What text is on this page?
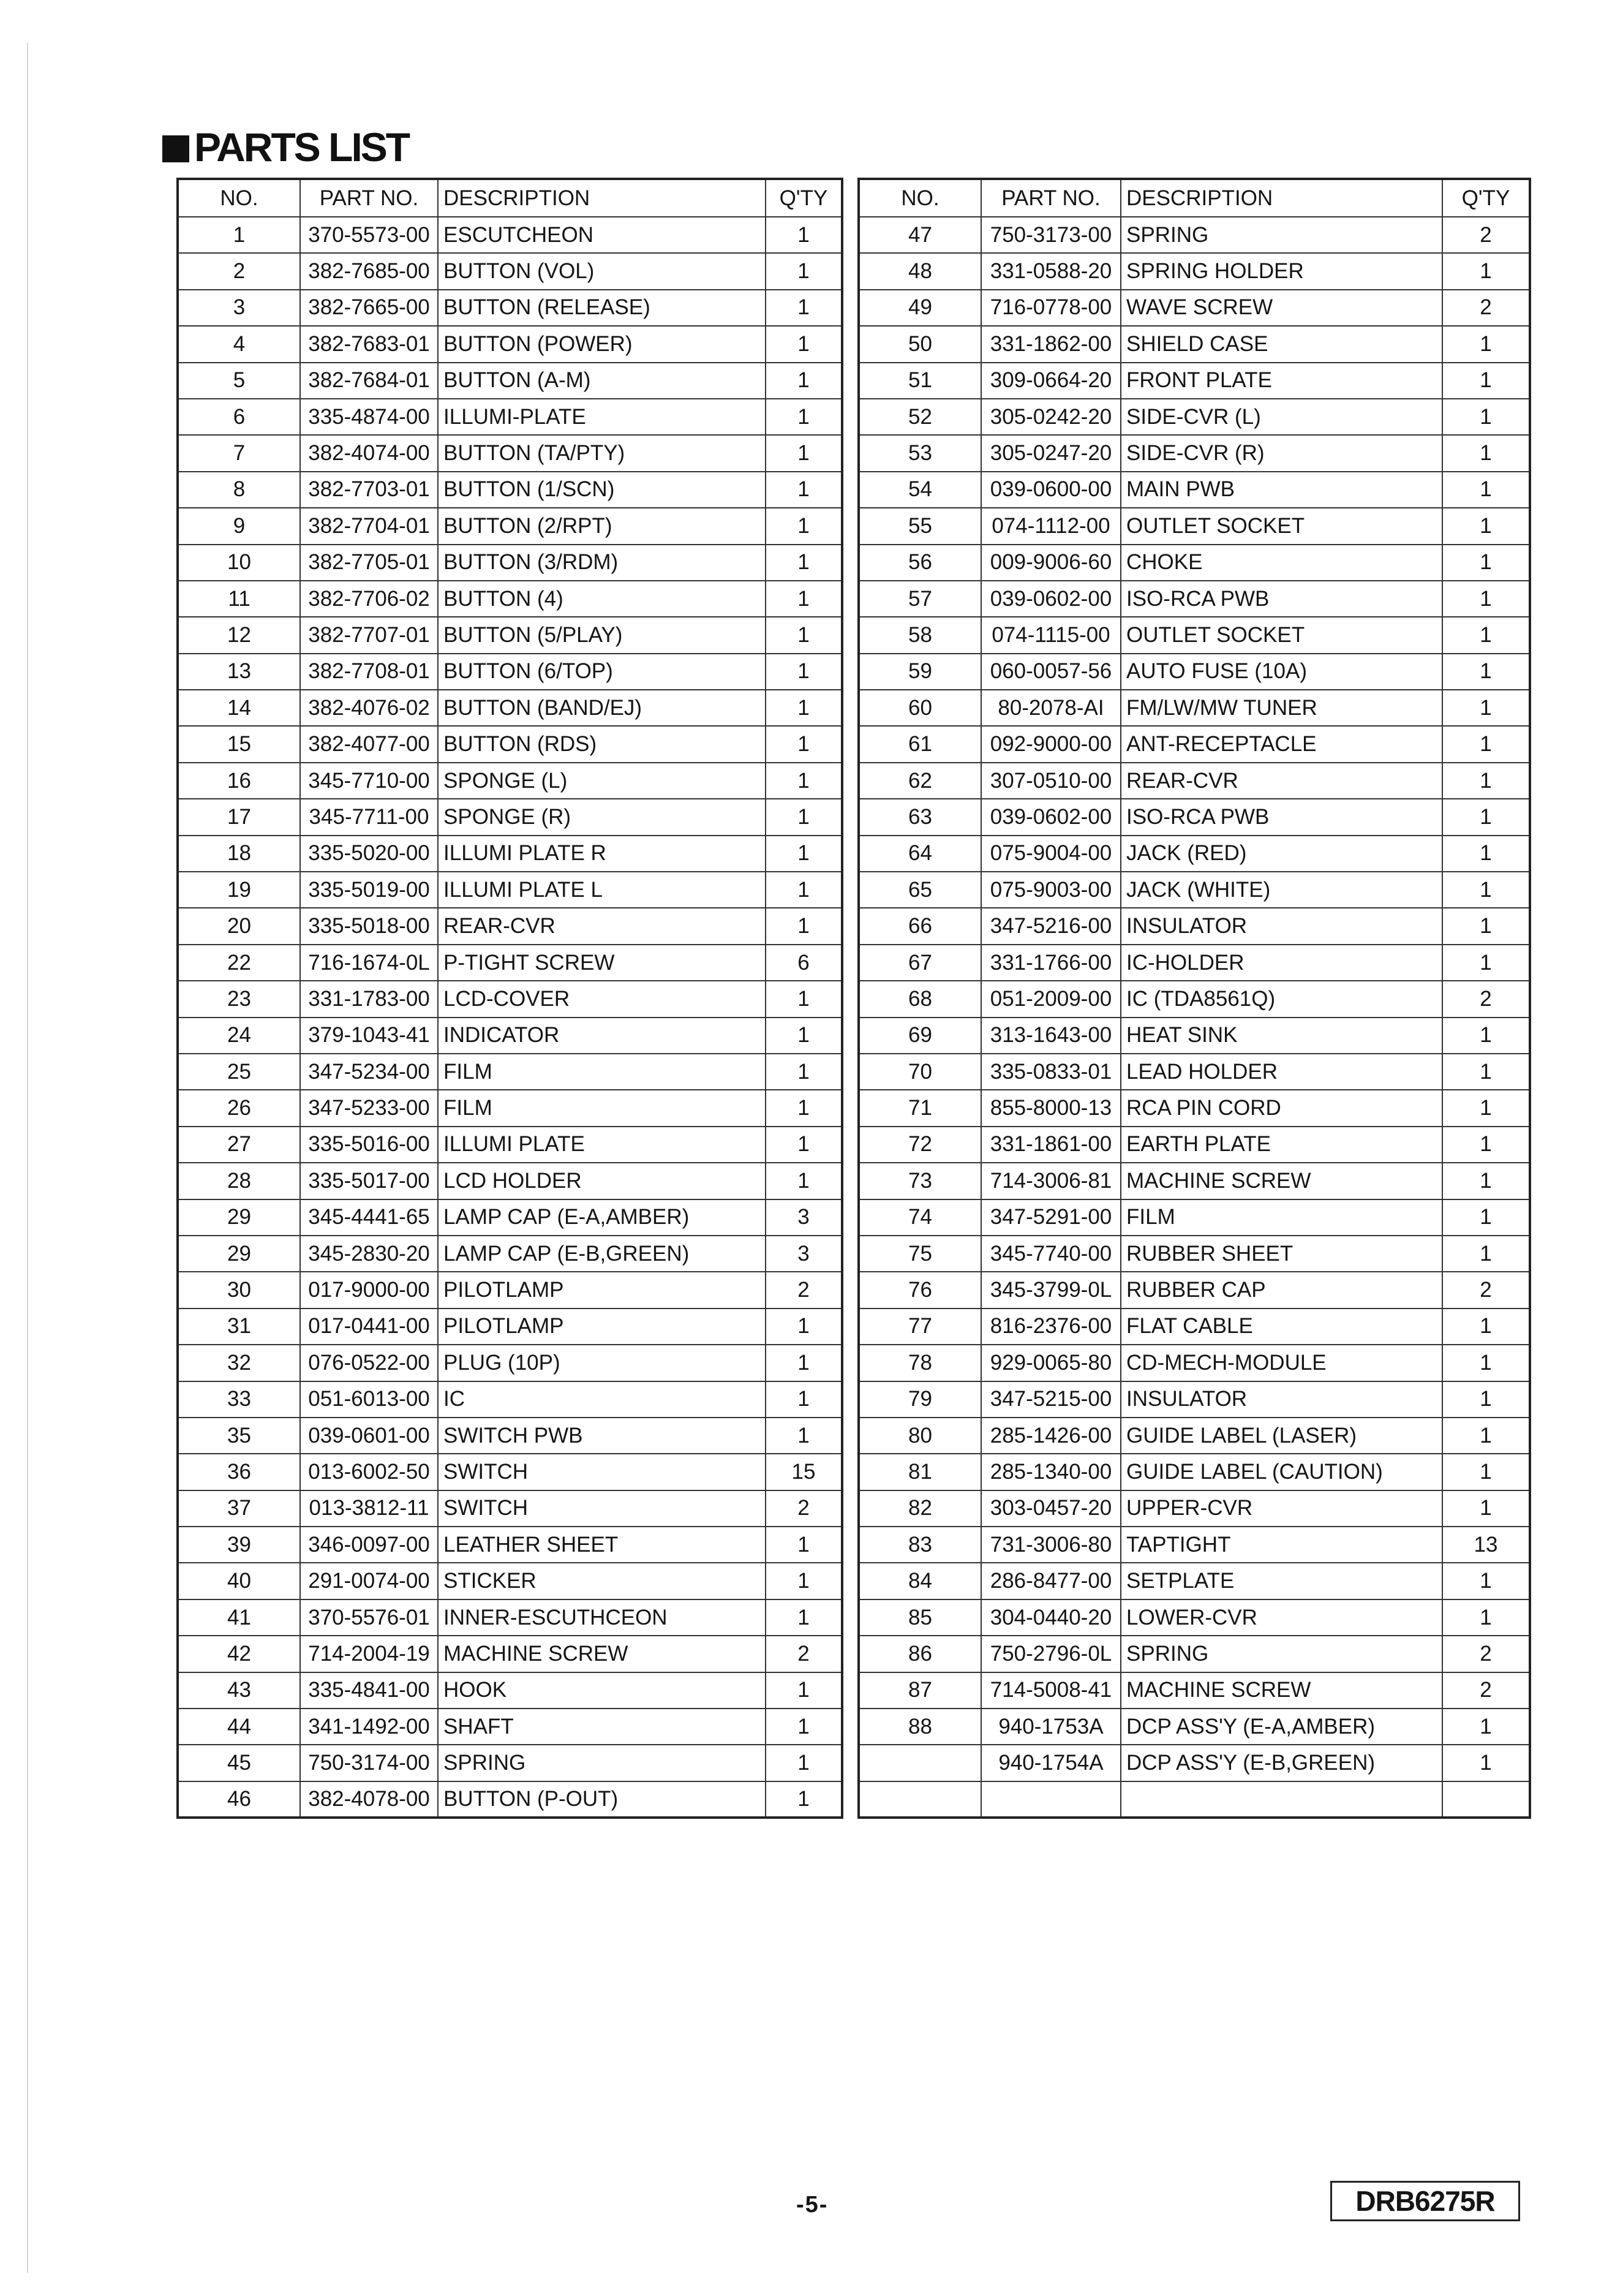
PARTS LIST
NO.	PART NO.	DESCRIPTION	Q'TY
1	370-5573-00	ESCUTCHEON	1
2	382-7685-00	BUTTON (VOL)	1
3	382-7665-00	BUTTON (RELEASE)	1
4	382-7683-01	BUTTON (POWER)	1
5	382-7684-01	BUTTON (A-M)	1
6	335-4874-00	ILLUMI-PLATE	1
7	382-4074-00	BUTTON (TA/PTY)	1
8	382-7703-01	BUTTON (1/SCN)	1
9	382-7704-01	BUTTON (2/RPT)	1
10	382-7705-01	BUTTON (3/RDM)	1
11	382-7706-02	BUTTON (4)	1
12	382-7707-01	BUTTON (5/PLAY)	1
13	382-7708-01	BUTTON (6/TOP)	1
14	382-4076-02	BUTTON (BAND/EJ)	1
15	382-4077-00	BUTTON (RDS)	1
16	345-7710-00	SPONGE (L)	1
17	345-7711-00	SPONGE (R)	1
18	335-5020-00	ILLUMI PLATE R	1
19	335-5019-00	ILLUMI PLATE L	1
20	335-5018-00	REAR-CVR	1
22	716-1674-0L	P-TIGHT SCREW	6
23	331-1783-00	LCD-COVER	1
24	379-1043-41	INDICATOR	1
25	347-5234-00	FILM	1
26	347-5233-00	FILM	1
27	335-5016-00	ILLUMI PLATE	1
28	335-5017-00	LCD HOLDER	1
29	345-4441-65	LAMP CAP (E-A,AMBER)	3
29	345-2830-20	LAMP CAP (E-B,GREEN)	3
30	017-9000-00	PILOTLAMP	2
31	017-0441-00	PILOTLAMP	1
32	076-0522-00	PLUG (10P)	1
33	051-6013-00	IC	1
35	039-0601-00	SWITCH PWB	1
36	013-6002-50	SWITCH	15
37	013-3812-11	SWITCH	2
39	346-0097-00	LEATHER SHEET	1
40	291-0074-00	STICKER	1
41	370-5576-01	INNER-ESCUTHCEON	1
42	714-2004-19	MACHINE SCREW	2
43	335-4841-00	HOOK	1
44	341-1492-00	SHAFT	1
45	750-3174-00	SPRING	1
46	382-4078-00	BUTTON (P-OUT)	1
NO.	PART NO.	DESCRIPTION	Q'TY
47	750-3173-00	SPRING	2
48	331-0588-20	SPRING HOLDER	1
49	716-0778-00	WAVE SCREW	2
50	331-1862-00	SHIELD CASE	1
51	309-0664-20	FRONT PLATE	1
52	305-0242-20	SIDE-CVR (L)	1
53	305-0247-20	SIDE-CVR (R)	1
54	039-0600-00	MAIN PWB	1
55	074-1112-00	OUTLET SOCKET	1
56	009-9006-60	CHOKE	1
57	039-0602-00	ISO-RCA PWB	1
58	074-1115-00	OUTLET SOCKET	1
59	060-0057-56	AUTO FUSE (10A)	1
60	80-2078-AI	FM/LW/MW TUNER	1
61	092-9000-00	ANT-RECEPTACLE	1
62	307-0510-00	REAR-CVR	1
63	039-0602-00	ISO-RCA PWB	1
64	075-9004-00	JACK (RED)	1
65	075-9003-00	JACK (WHITE)	1
66	347-5216-00	INSULATOR	1
67	331-1766-00	IC-HOLDER	1
68	051-2009-00	IC (TDA8561Q)	2
69	313-1643-00	HEAT SINK	1
70	335-0833-01	LEAD HOLDER	1
71	855-8000-13	RCA PIN CORD	1
72	331-1861-00	EARTH PLATE	1
73	714-3006-81	MACHINE SCREW	1
74	347-5291-00	FILM	1
75	345-7740-00	RUBBER SHEET	1
76	345-3799-0L	RUBBER CAP	2
77	816-2376-00	FLAT CABLE	1
78	929-0065-80	CD-MECH-MODULE	1
79	347-5215-00	INSULATOR	1
80	285-1426-00	GUIDE LABEL (LASER)	1
81	285-1340-00	GUIDE LABEL (CAUTION)	1
82	303-0457-20	UPPER-CVR	1
83	731-3006-80	TAPTIGHT	13
84	286-8477-00	SETPLATE	1
85	304-0440-20	LOWER-CVR	1
86	750-2796-0L	SPRING	2
87	714-5008-41	MACHINE SCREW	2
88	940-1753A	DCP ASS'Y (E-A,AMBER)	1
	940-1754A	DCP ASS'Y (E-B,GREEN)	1

-5-	DRB6275R
